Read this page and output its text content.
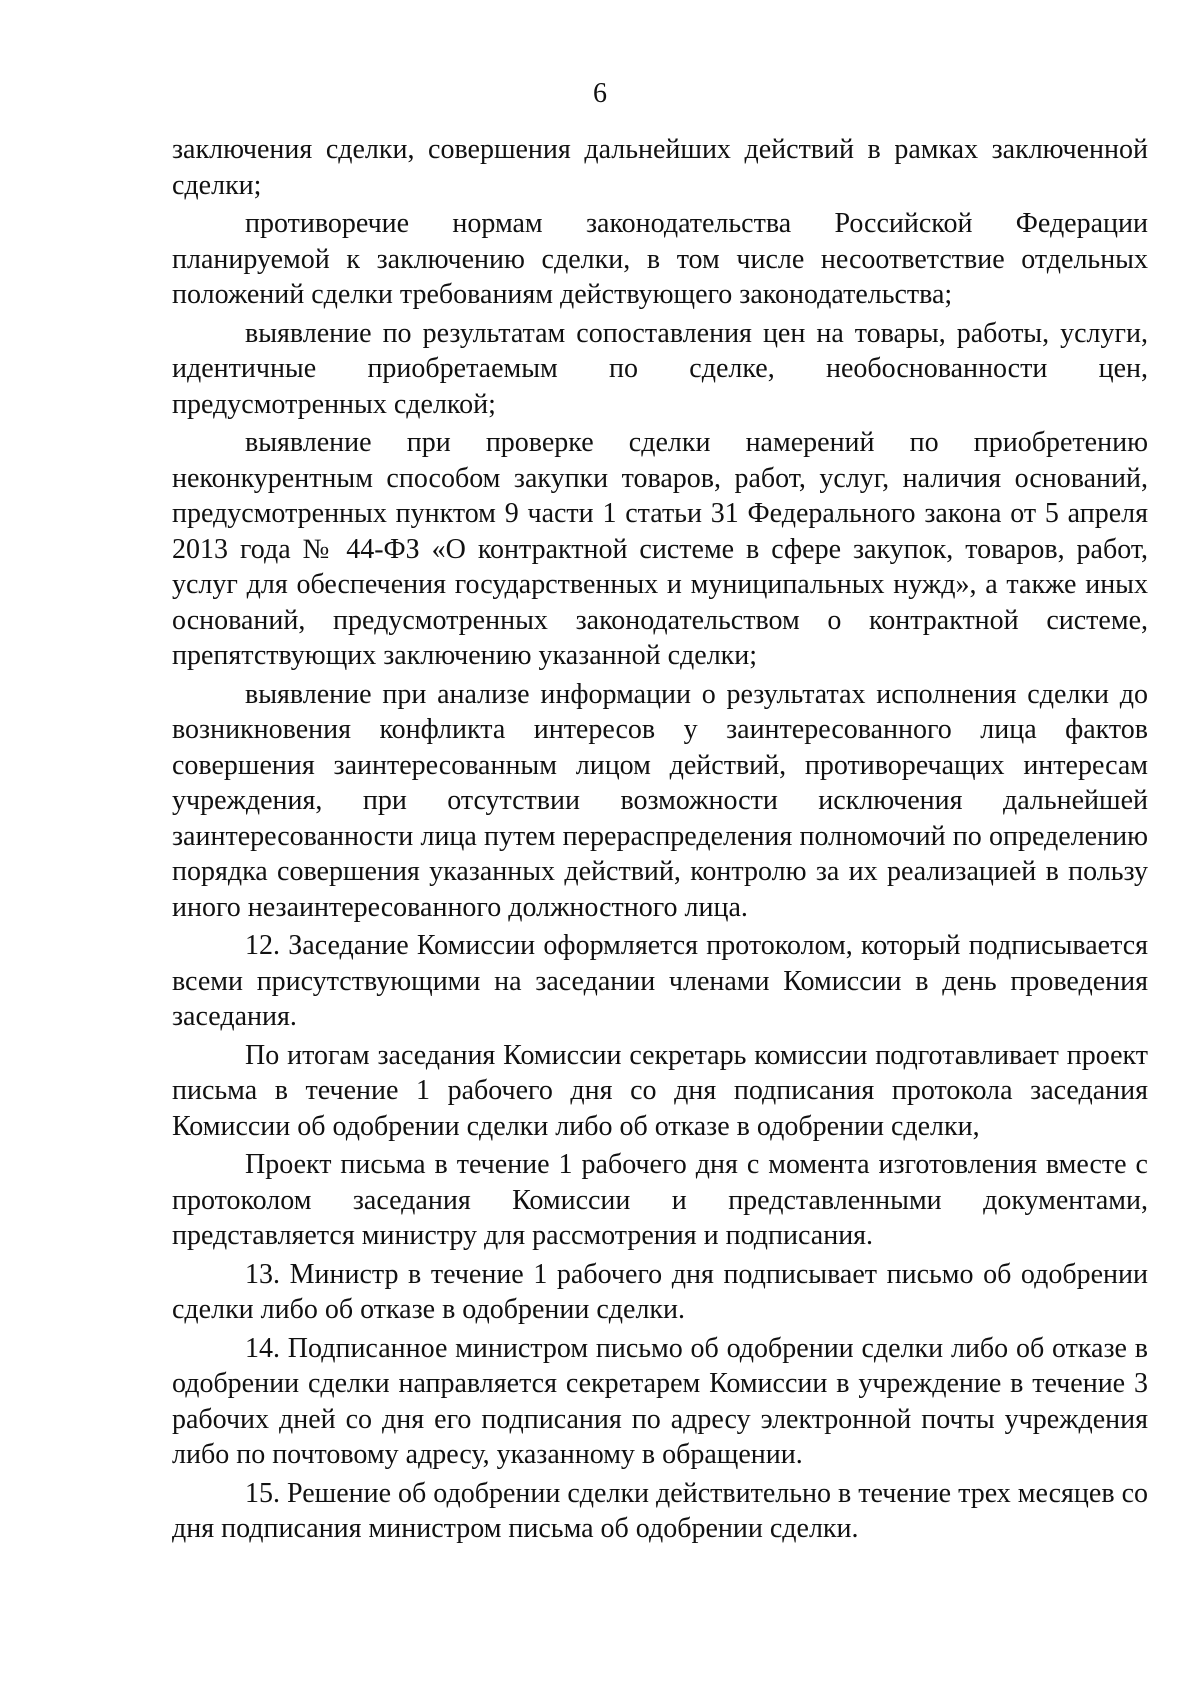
6

заключения сделки, совершения дальнейших действий в рамках заключенной сделки;

противоречие нормам законодательства Российской Федерации планируемой к заключению сделки, в том числе несоответствие отдельных положений сделки требованиям действующего законодательства;

выявление по результатам сопоставления цен на товары, работы, услуги, идентичные приобретаемым по сделке, необоснованности цен, предусмотренных сделкой;

выявление при проверке сделки намерений по приобретению неконкурентным способом закупки товаров, работ, услуг, наличия оснований, предусмотренных пунктом 9 части 1 статьи 31 Федерального закона от 5 апреля 2013 года № 44-ФЗ «О контрактной системе в сфере закупок, товаров, работ, услуг для обеспечения государственных и муниципальных нужд», а также иных оснований, предусмотренных законодательством о контрактной системе, препятствующих заключению указанной сделки;

выявление при анализе информации о результатах исполнения сделки до возникновения конфликта интересов у заинтересованного лица фактов совершения заинтересованным лицом действий, противоречащих интересам учреждения, при отсутствии возможности исключения дальнейшей заинтересованности лица путем перераспределения полномочий по определению порядка совершения указанных действий, контролю за их реализацией в пользу иного незаинтересованного должностного лица.

12. Заседание Комиссии оформляется протоколом, который подписывается всеми присутствующими на заседании членами Комиссии в день проведения заседания.

По итогам заседания Комиссии секретарь комиссии подготавливает проект письма в течение 1 рабочего дня со дня подписания протокола заседания Комиссии об одобрении сделки либо об отказе в одобрении сделки,

Проект письма в течение 1 рабочего дня с момента изготовления вместе с протоколом заседания Комиссии и представленными документами, представляется министру для рассмотрения и подписания.

13. Министр в течение 1 рабочего дня подписывает письмо об одобрении сделки либо об отказе в одобрении сделки.

14. Подписанное министром письмо об одобрении сделки либо об отказе в одобрении сделки направляется секретарем Комиссии в учреждение в течение 3 рабочих дней со дня его подписания по адресу электронной почты учреждения либо по почтовому адресу, указанному в обращении.

15. Решение об одобрении сделки действительно в течение трех месяцев со дня подписания министром письма об одобрении сделки.
